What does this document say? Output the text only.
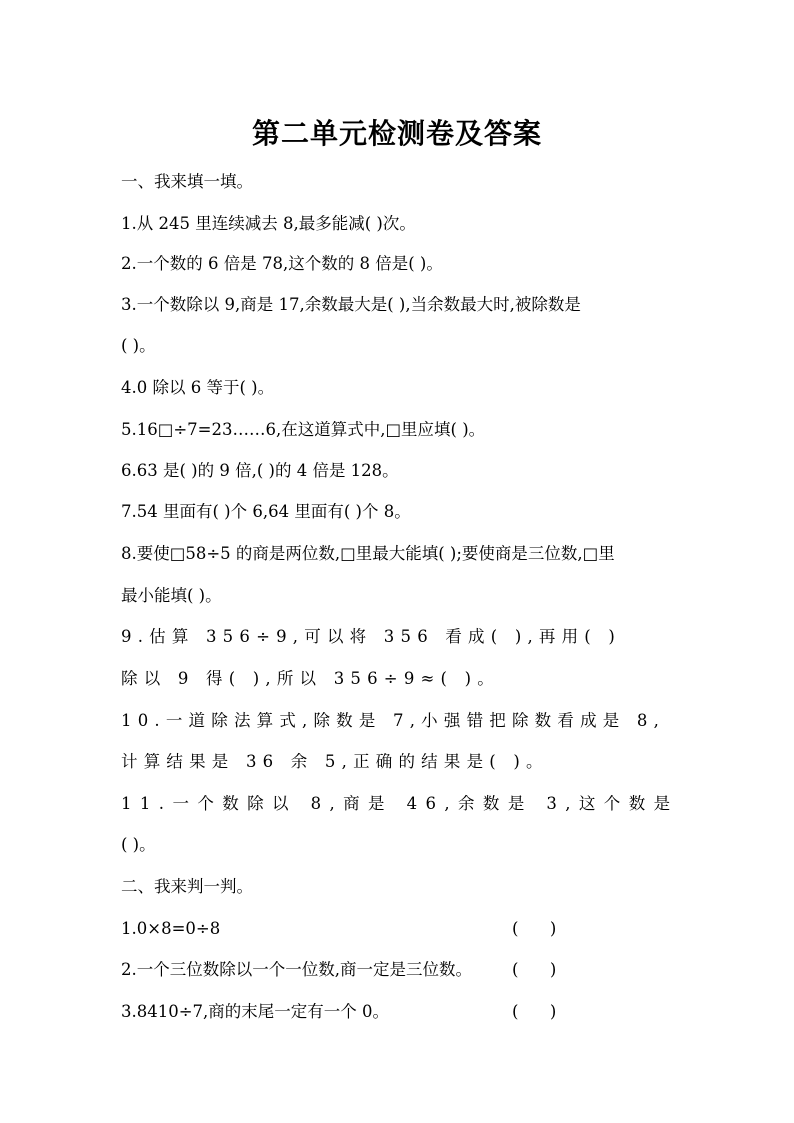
第二单元检测卷及答案
一、我来填一填。
1.从 245 里连续减去 8,最多能减( )次。
2.一个数的 6 倍是 78,这个数的 8 倍是( )。
3.一个数除以 9,商是 17,余数最大是( ),当余数最大时,被除数是
( )。
4.0 除以 6 等于( )。
5.16□÷7=23……6,在这道算式中,□里应填( )。
6.63 是( )的 9 倍,( )的 4 倍是 128。
7.54 里面有( )个 6,64 里面有( )个 8。
8.要使□58÷5 的商是两位数,□里最大能填( );要使商是三位数,□里
最小能填( )。
9.估算 356÷9,可以将 356 看成( ),再用( )
除以 9 得( ),所以 356÷9≈( )。
10.一道除法算式,除数是 7,小强错把除数看成是 8,
计算结果是 36 余 5,正确的结果是( )。
11.一个数除以 8,商是 46,余数是 3,这个数是
( )。
二、我来判一判。
1.0×8=0÷8	(      )
2.一个三位数除以一个一位数,商一定是三位数。	(      )
3.8410÷7,商的末尾一定有一个 0。	(      )
